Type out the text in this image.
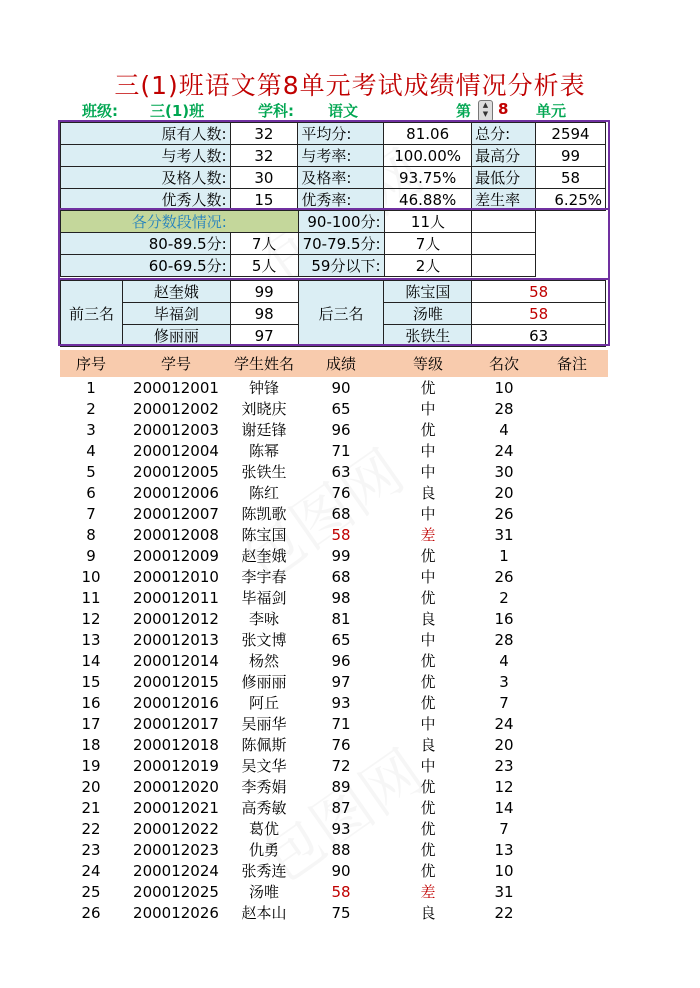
三(1)班语文第8单元考试成绩情况分析表
班级: 三(1)班	学科: 语文	第 8 单元
▲
▼
原有人数:	32	平均分:	81.06	总分:	2594
与考人数:	32	与考率:	100.00%	最高分	99
及格人数:	30	及格率:	93.75%	最低分	58
优秀人数:	15	优秀率:	46.88%	差生率	6.25%
各分数段情况:		90-100分:	11人		
80-89.5分:	7人	70-79.5分:	7人		
60-69.5分:	5人	59分以下:	2人		
前三名	赵奎娥	99	后三名	陈宝国	58
	毕福剑	98		汤唯	58
	修丽丽	97		张铁生	63
序号	学号	学生姓名	成绩	等级	名次	备注
1	200012001	钟锋	90	优	10	
2	200012002	刘晓庆	65	中	28	
3	200012003	谢廷锋	96	优	4	
4	200012004	陈幂	71	中	24	
5	200012005	张铁生	63	中	30	
6	200012006	陈红	76	良	20	
7	200012007	陈凯歌	68	中	26	
8	200012008	陈宝国	58	差	31	
9	200012009	赵奎娥	99	优	1	
10	200012010	李宇春	68	中	26	
11	200012011	毕福剑	98	优	2	
12	200012012	李咏	81	良	16	
13	200012013	张文博	65	中	28	
14	200012014	杨然	96	优	4	
15	200012015	修丽丽	97	优	3	
16	200012016	阿丘	93	优	7	
17	200012017	吴丽华	71	中	24	
18	200012018	陈佩斯	76	良	20	
19	200012019	吴文华	72	中	23	
20	200012020	李秀娟	89	优	12	
21	200012021	高秀敏	87	优	14	
22	200012022	葛优	93	优	7	
23	200012023	仇勇	88	优	13	
24	200012024	张秀连	90	优	10	
25	200012025	汤唯	58	差	31	
26	200012026	赵本山	75	良	22	
